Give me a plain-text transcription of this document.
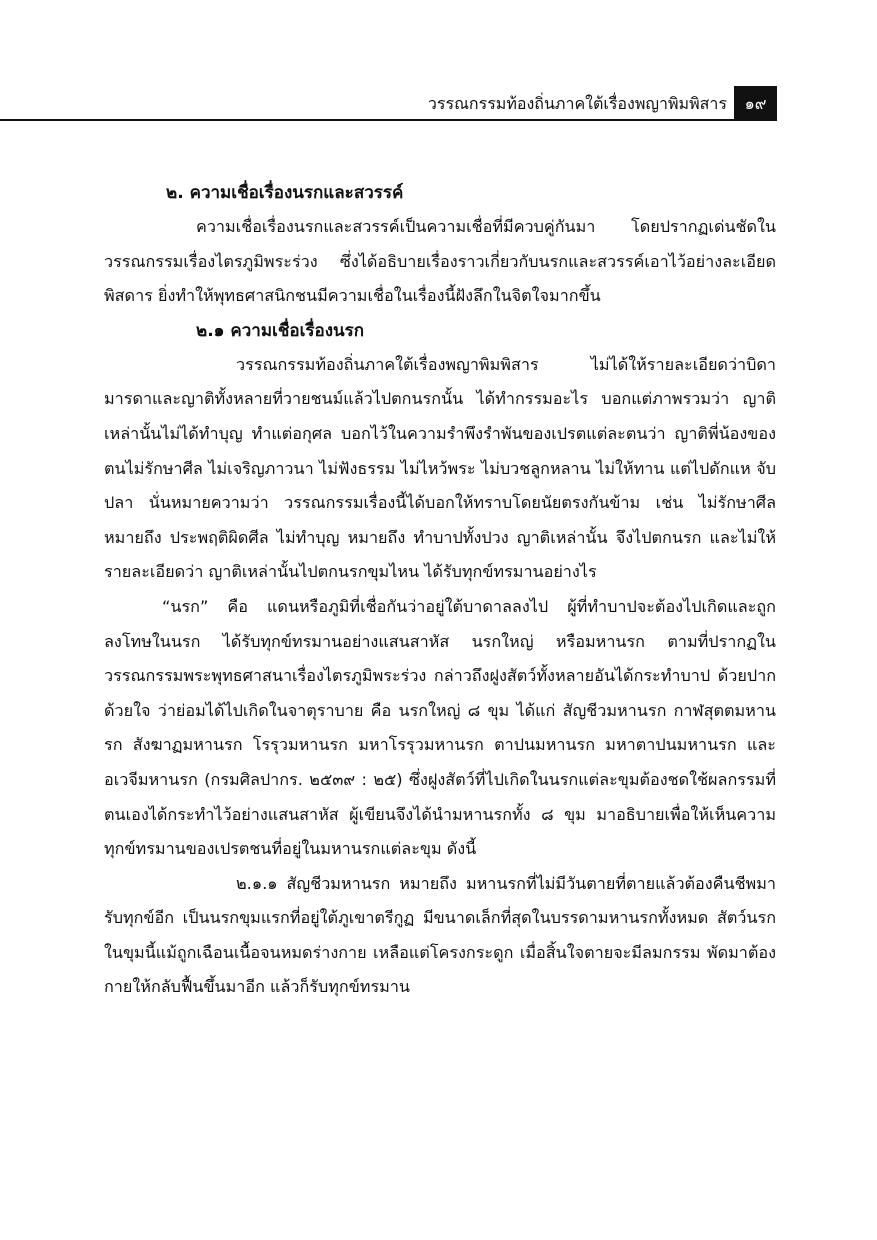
วรรณกรรมท้องถิ่นภาคใต้เรื่องพญาพิมพิสาร	๑๙
๒. ความเชื่อเรื่องนรกและสวรรค์

ความเชื่อเรื่องนรกและสวรรค์เป็นความเชื่อที่มีควบคู่กันมา โดยปรากฏเด่นชัดในวรรณกรรมเรื่องไตรภูมิพระร่วง ซึ่งได้อธิบายเรื่องราวเกี่ยวกับนรกและสวรรค์เอาไว้อย่างละเอียดพิสดาร ยิ่งทำให้พุทธศาสนิกชนมีความเชื่อในเรื่องนี้ฝังลึกในจิตใจมากขึ้น

๒.๑ ความเชื่อเรื่องนรก

วรรณกรรมท้องถิ่นภาคใต้เรื่องพญาพิมพิสาร ไม่ได้ให้รายละเอียดว่าบิดามารดาและญาติทั้งหลายที่วายชนม์แล้วไปตกนรกนั้น ได้ทำกรรมอะไร บอกแต่ภาพรวมว่า ญาติเหล่านั้นไม่ได้ทำบุญ ทำแต่อกุศล บอกไว้ในความรำพึงรำพันของเปรตแต่ละตนว่า ญาติพี่น้องของตนไม่รักษาศีล ไม่เจริญภาวนา ไม่ฟังธรรม ไม่ไหว้พระ ไม่บวชลูกหลาน ไม่ให้ทาน แต่ไปดักแห จับปลา นั่นหมายความว่า วรรณกรรมเรื่องนี้ได้บอกให้ทราบโดยนัยตรงกันข้าม เช่น ไม่รักษาศีล หมายถึง ประพฤติผิดศีล ไม่ทำบุญ หมายถึง ทำบาปทั้งปวง ญาติเหล่านั้น จึงไปตกนรก และไม่ให้รายละเอียดว่า ญาติเหล่านั้นไปตกนรกขุมไหน ได้รับทุกข์ทรมานอย่างไร

“นรก” คือ แดนหรือภูมิที่เชื่อกันว่าอยู่ใต้บาดาลลงไป ผู้ที่ทำบาปจะต้องไปเกิดและถูกลงโทษในนรก ได้รับทุกข์ทรมานอย่างแสนสาหัส นรกใหญ่ หรือมหานรก ตามที่ปรากฏในวรรณกรรมพระพุทธศาสนาเรื่องไตรภูมิพระร่วง กล่าวถึงฝูงสัตว์ทั้งหลายอันได้กระทำบาป ด้วยปาก ด้วยใจ ว่าย่อมได้ไปเกิดในจาตุราบาย คือ นรกใหญ่ ๘ ขุม ได้แก่ สัญชีวมหานรก กาฬสุตตมหานรก สังฆาฏมหานรก โรรุวมหานรก มหาโรรุวมหานรก ตาปนมหานรก มหาตาปนมหานรก และอเวจีมหานรก (กรมศิลปากร. ๒๕๓๙ : ๒๕) ซึ่งฝูงสัตว์ที่ไปเกิดในนรกแต่ละขุมต้องชดใช้ผลกรรมที่ตนเองได้กระทำไว้อย่างแสนสาหัส ผู้เขียนจึงได้นำมหานรกทั้ง ๘ ขุม มาอธิบายเพื่อให้เห็นความทุกข์ทรมานของเปรตชนที่อยู่ในมหานรกแต่ละขุม ดังนี้

๒.๑.๑ สัญชีวมหานรก หมายถึง มหานรกที่ไม่มีวันตายที่ตายแล้วต้องคืนชีพมารับทุกข์อีก เป็นนรกขุมแรกที่อยู่ใต้ภูเขาตรีกูฏ มีขนาดเล็กที่สุดในบรรดามหานรกทั้งหมด สัตว์นรกในขุมนี้แม้ถูกเฉือนเนื้อจนหมดร่างกาย เหลือแต่โครงกระดูก เมื่อสิ้นใจตายจะมีลมกรรม พัดมาต้องกายให้กลับฟื้นขึ้นมาอีก แล้วก็รับทุกข์ทรมาน
